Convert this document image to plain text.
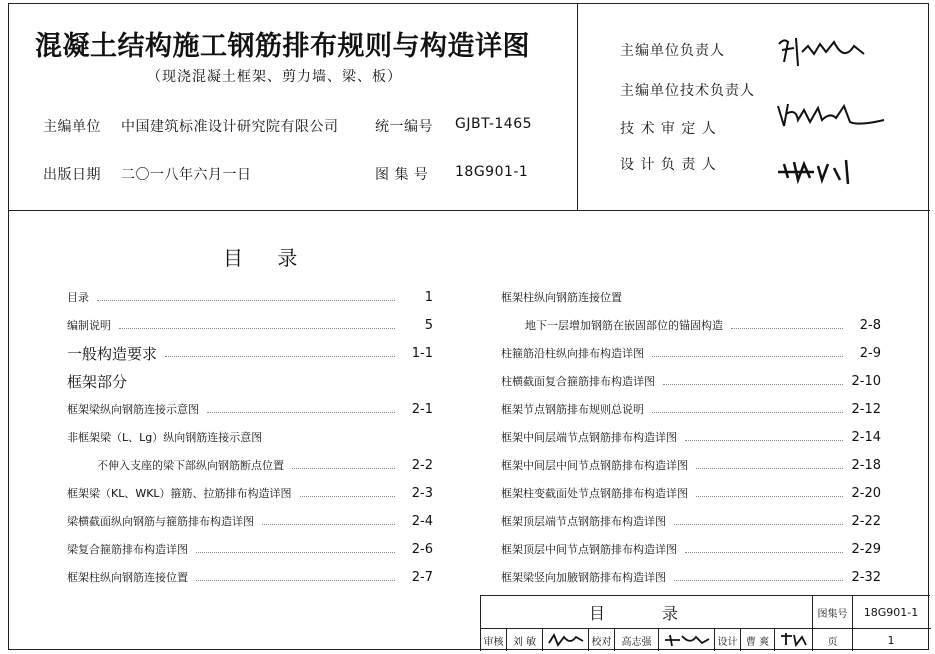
混凝土结构施工钢筋排布规则与构造详图
（现浇混凝土框架、剪力墙、梁、板）
主编单位 中国建筑标准设计研究院有限公司	统一编号 GJBT-1465
出版日期 二〇一八年六月一日	图 集 号 18G901-1
主编单位负责人
主编单位技术负责人
技 术 审 定 人
设 计 负 责 人
目 录
目录	1
编制说明	5
一般构造要求	1-1
框架部分
框架梁纵向钢筋连接示意图	2-1
非框架梁（L、Lg）纵向钢筋连接示意图
不伸入支座的梁下部纵向钢筋断点位置	2-2
框架梁（KL、WKL）箍筋、拉筋排布构造详图	2-3
梁横截面纵向钢筋与箍筋排布构造详图	2-4
梁复合箍筋排布构造详图	2-6
框架柱纵向钢筋连接位置	2-7
框架柱纵向钢筋连接位置
地下一层增加钢筋在嵌固部位的锚固构造	2-8
柱箍筋沿柱纵向排布构造详图	2-9
柱横截面复合箍筋排布构造详图	2-10
框架节点钢筋排布规则总说明	2-12
框架中间层端节点钢筋排布构造详图	2-14
框架中间层中间节点钢筋排布构造详图	2-18
框架柱变截面处节点钢筋排布构造详图	2-20
框架顶层端节点钢筋排布构造详图	2-22
框架顶层中间节点钢筋排布构造详图	2-29
框架梁竖向加腋钢筋排布构造详图	2-32
目 录	图集号	18G901-1
审核 刘 敏	校对	高志强	设计 曹 爽	页	1
